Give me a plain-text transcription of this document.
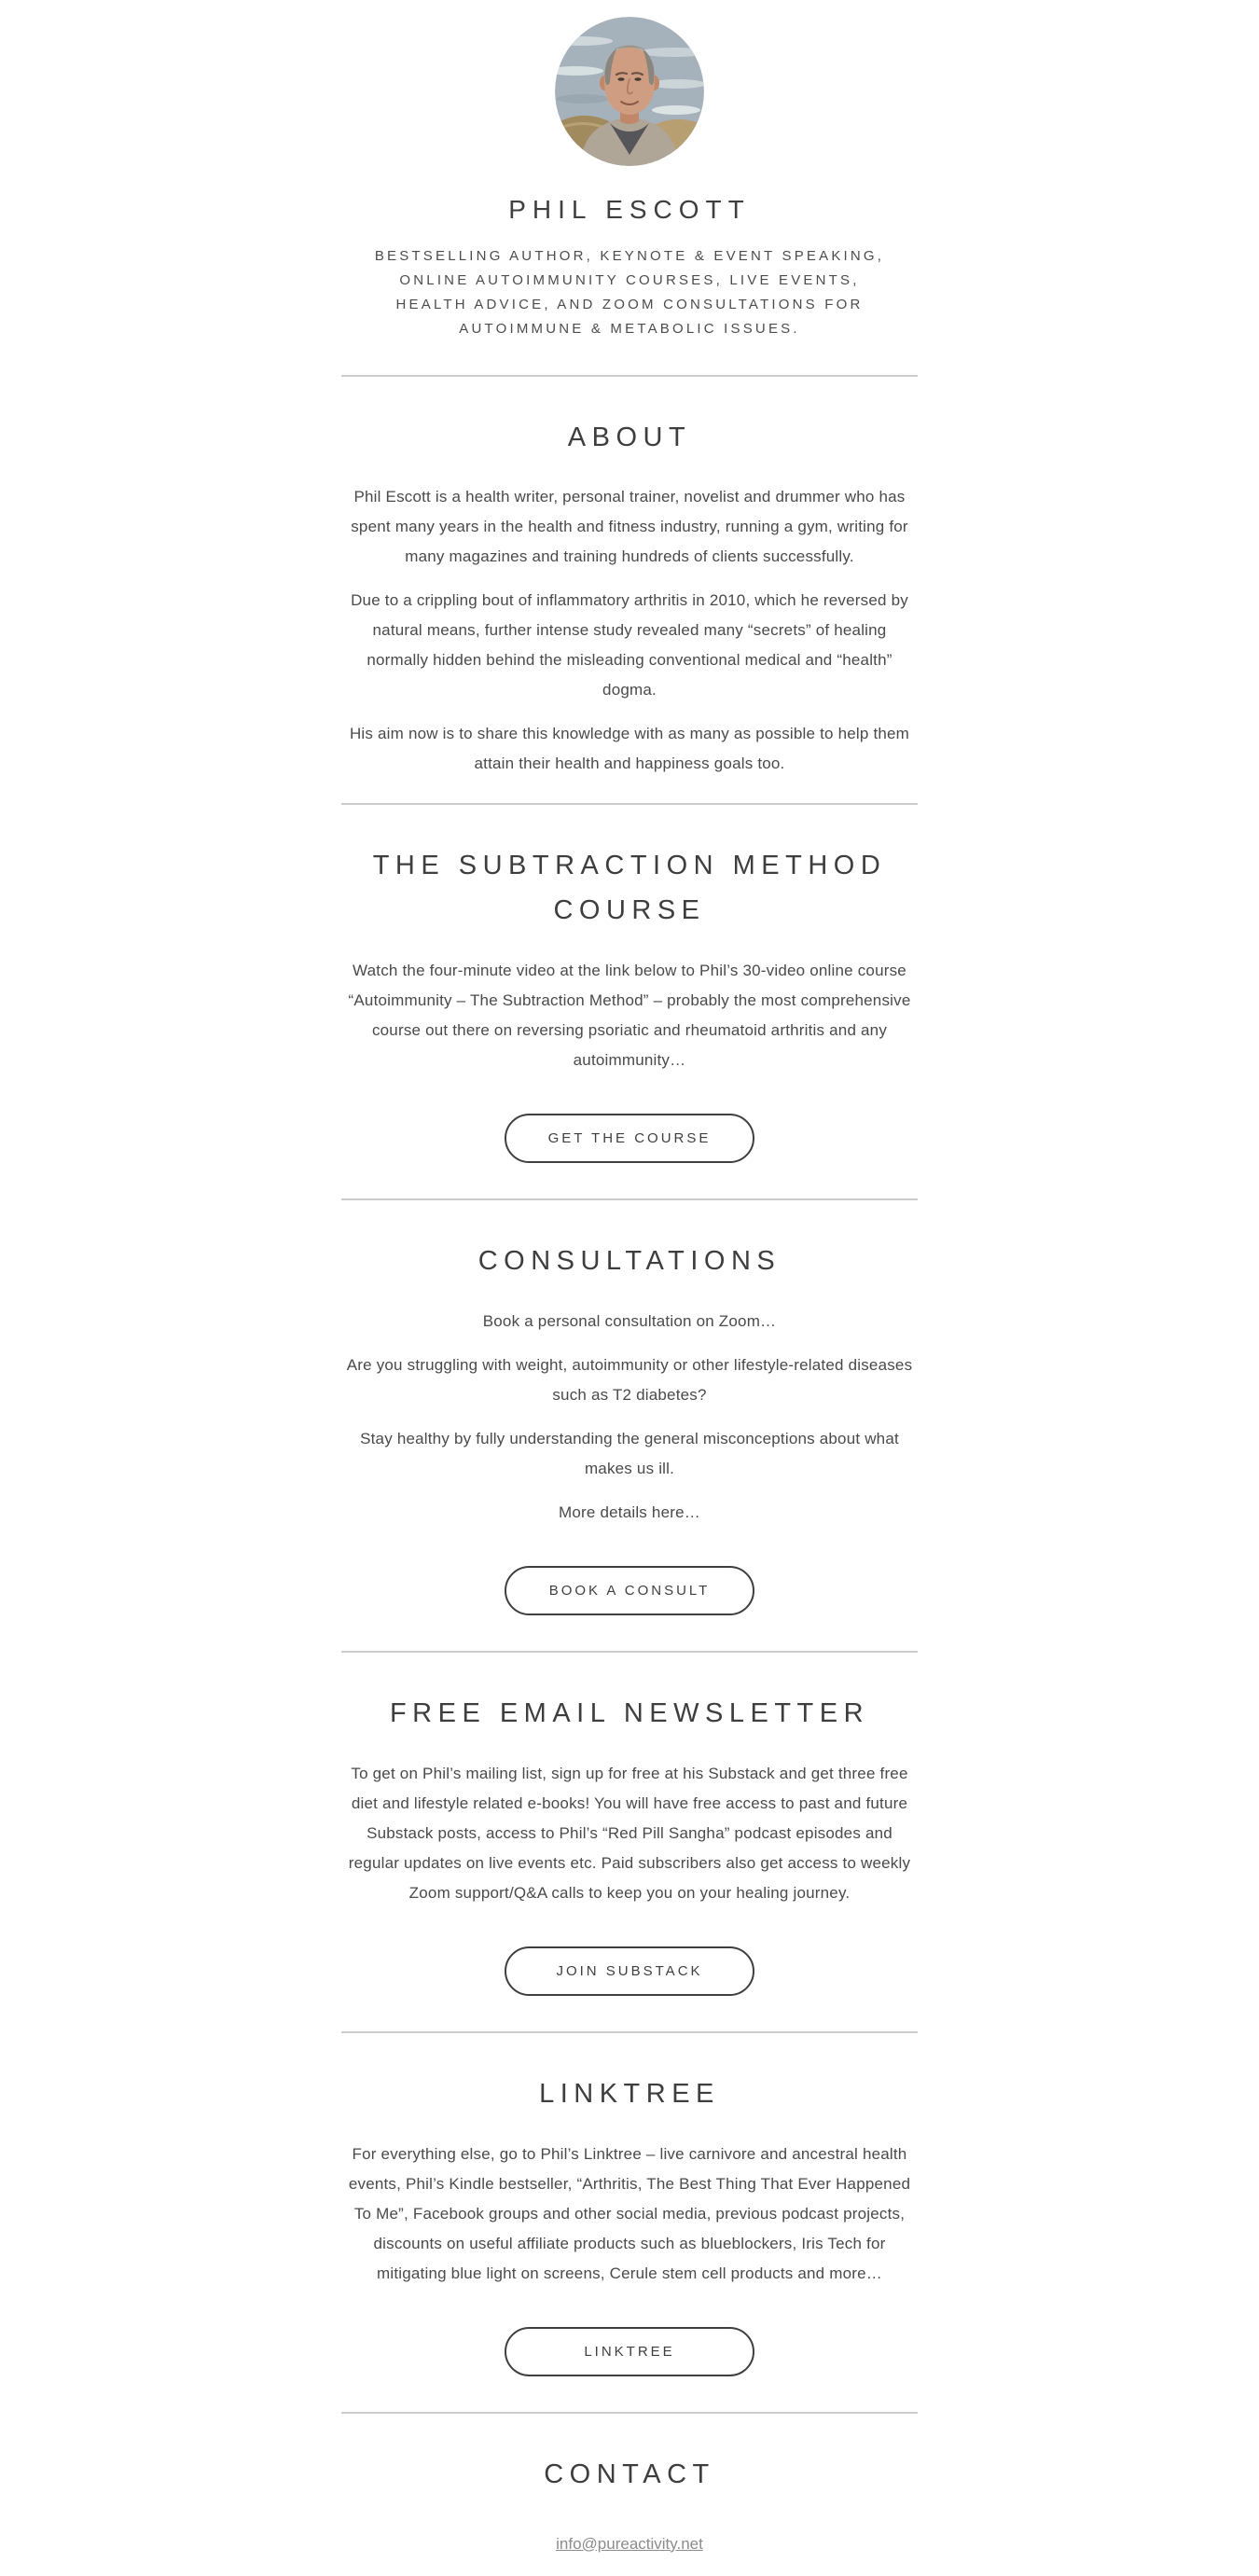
PHIL ESCOTT

BESTSELLING AUTHOR, KEYNOTE & EVENT SPEAKING,
ONLINE AUTOIMMUNITY COURSES, LIVE EVENTS,
HEALTH ADVICE, AND ZOOM CONSULTATIONS FOR
AUTOIMMUNE & METABOLIC ISSUES.

ABOUT

Phil Escott is a health writer, personal trainer, novelist and drummer who has spent many years in the health and fitness industry, running a gym, writing for many magazines and training hundreds of clients successfully.

Due to a crippling bout of inflammatory arthritis in 2010, which he reversed by natural means, further intense study revealed many “secrets” of healing normally hidden behind the misleading conventional medical and “health” dogma.

His aim now is to share this knowledge with as many as possible to help them attain their health and happiness goals too.

THE SUBTRACTION METHOD COURSE

Watch the four-minute video at the link below to Phil’s 30-video online course “Autoimmunity – The Subtraction Method” – probably the most comprehensive course out there on reversing psoriatic and rheumatoid arthritis and any autoimmunity…

GET THE COURSE
CONSULTATIONS

Book a personal consultation on Zoom…

Are you struggling with weight, autoimmunity or other lifestyle-related diseases such as T2 diabetes?

Stay healthy by fully understanding the general misconceptions about what makes us ill.

More details here…

BOOK A CONSULT
FREE EMAIL NEWSLETTER

To get on Phil’s mailing list, sign up for free at his Substack and get three free diet and lifestyle related e-books! You will have free access to past and future Substack posts, access to Phil’s “Red Pill Sangha” podcast episodes and regular updates on live events etc. Paid subscribers also get access to weekly Zoom support/Q&A calls to keep you on your healing journey.

JOIN SUBSTACK
LINKTREE

For everything else, go to Phil’s Linktree – live carnivore and ancestral health events, Phil’s Kindle bestseller, “Arthritis, The Best Thing That Ever Happened To Me”, Facebook groups and other social media, previous podcast projects, discounts on useful affiliate products such as blueblockers, Iris Tech for mitigating blue light on screens, Cerule stem cell products and more…

LINKTREE
CONTACT
info@pureactivity.net
